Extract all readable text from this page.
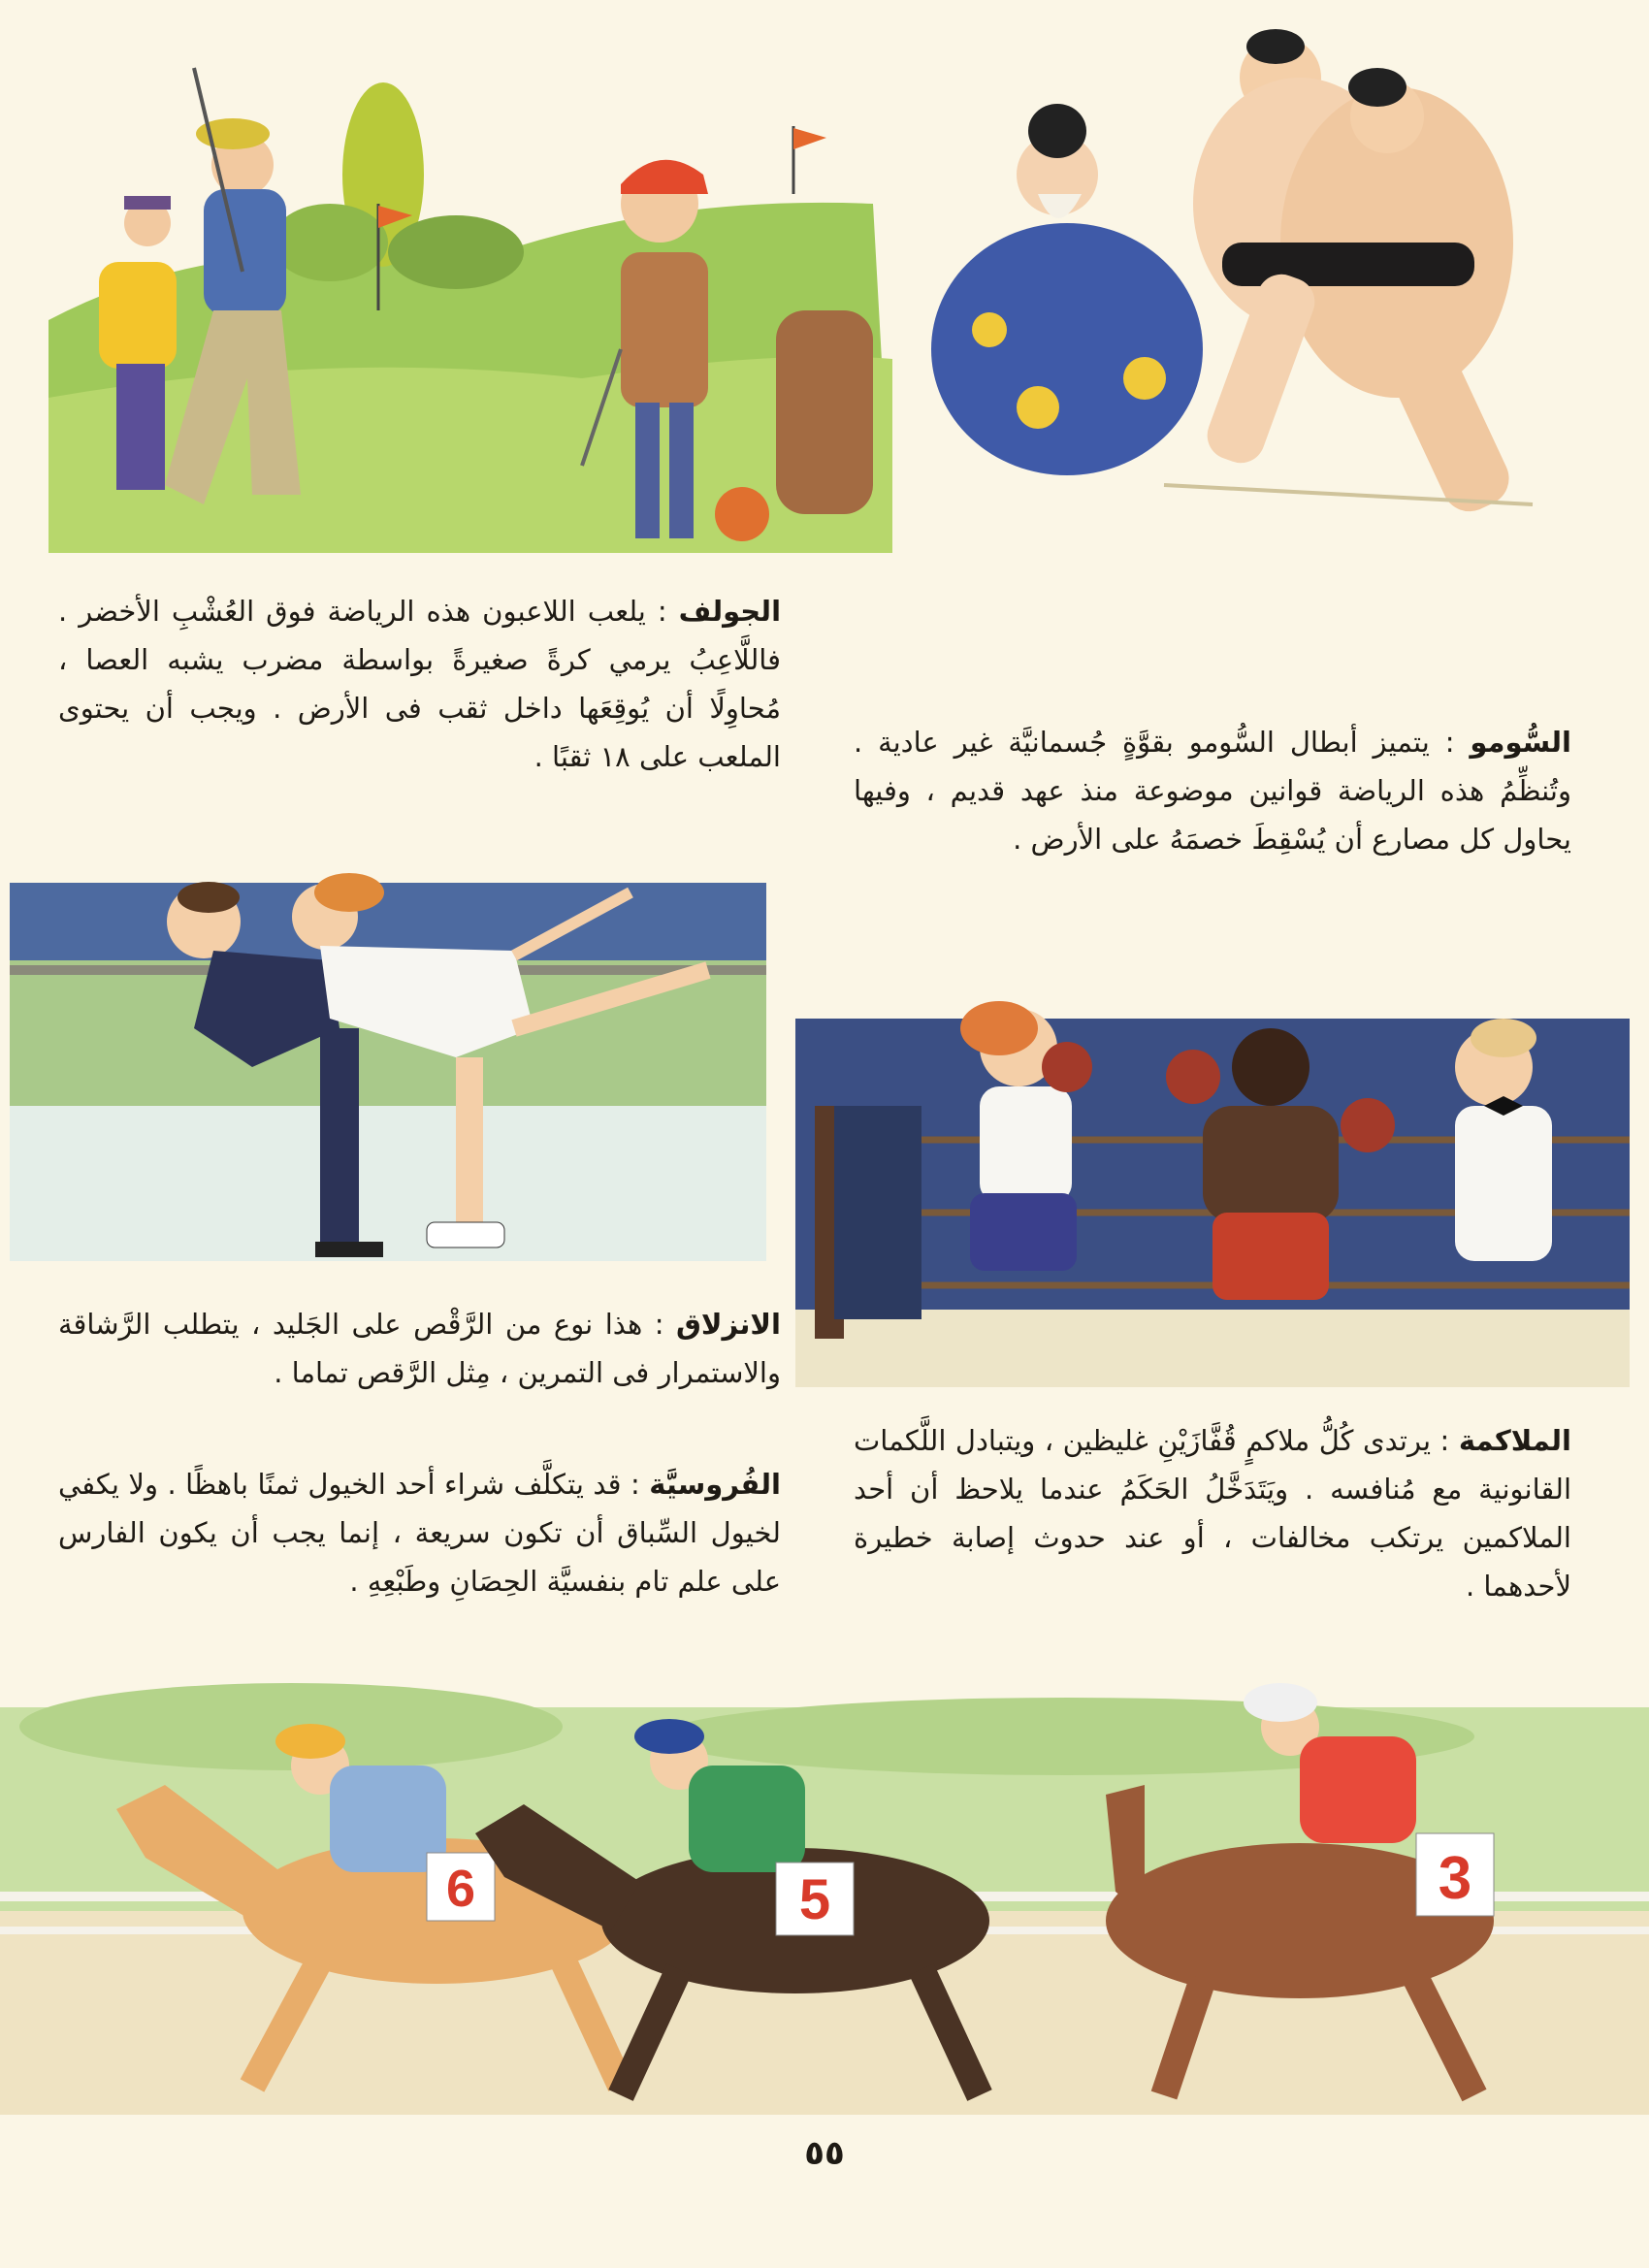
الجولف : يلعب اللاعبون هذه الرياضة فوق العُشْبِ الأخضر . فاللَّاعِبُ يرمي كرةً صغيرةً بواسطة مضرب يشبه العصا ، مُحاوِلًا أن يُوقِعَها داخل ثقب فى الأرض . ويجب أن يحتوى الملعب على ١٨ ثقبًا .	السُّومو : يتميز أبطال السُّومو بقوَّةٍ جُسمانيَّة غير عادية . وتُنظِّمُ هذه الرياضة قوانين موضوعة منذ عهد قديم ، وفيها يحاول كل مصارع أن يُسْقِطَ خصمَهُ على الأرض .

الانزلاق : هذا نوع من الرَّقْص على الجَليد ، يتطلب الرَّشاقة والاستمرار فى التمرين ، مِثل الرَّقص تماما .

الملاكمة : يرتدى كُلُّ ملاكمٍ قُفَّازَيْنِ غليظين ، ويتبادل اللَّكمات القانونية مع مُنافسه . ويَتَدَخَّلُ الحَكَمُ عندما يلاحظ أن أحد الملاكمين يرتكب مخالفات ، أو عند حدوث إصابة خطيرة لأحدهما .

الفُروسيَّة : قد يتكلَّف شراء أحد الخيول ثمنًا باهظًا . ولا يكفي لخيول السِّباق أن تكون سريعة ، إنما يجب أن يكون الفارس على علم تام بنفسيَّة الحِصَانِ وطَبْعِهِ .

6	5	3
٥٥
